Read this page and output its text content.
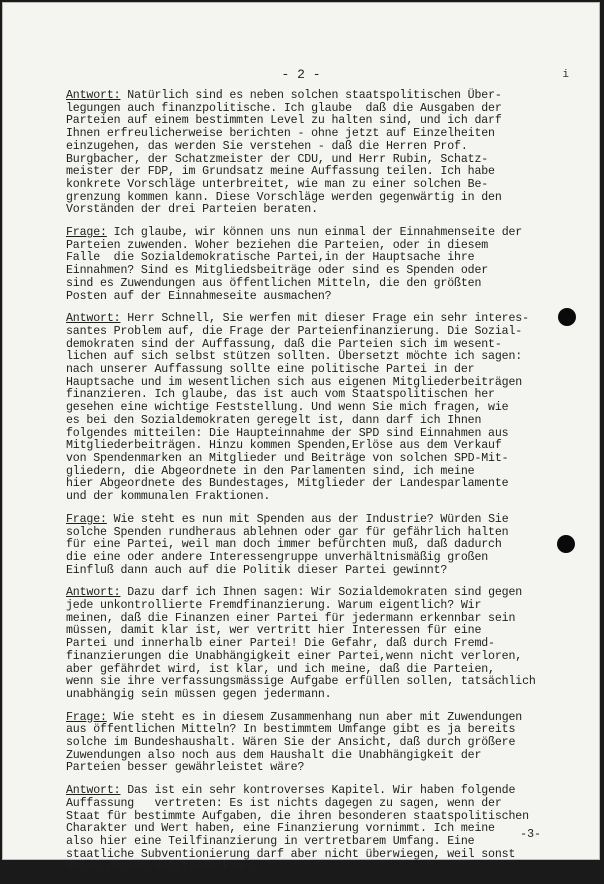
- 2 -	i
Antwort: Natürlich sind es neben solchen staatspolitischen Über-
legungen auch finanzpolitische. Ich glaube  daß die Ausgaben der
Parteien auf einem bestimmten Level zu halten sind, und ich darf
Ihnen erfreulicherweise berichten - ohne jetzt auf Einzelheiten
einzugehen, das werden Sie verstehen - daß die Herren Prof.
Burgbacher, der Schatzmeister der CDU, und Herr Rubin, Schatz-
meister der FDP, im Grundsatz meine Auffassung teilen. Ich habe
konkrete Vorschläge unterbreitet, wie man zu einer solchen Be-
grenzung kommen kann. Diese Vorschläge werden gegenwärtig in den
Vorständen der drei Parteien beraten.
Frage: Ich glaube, wir können uns nun einmal der Einnahmenseite der
Parteien zuwenden. Woher beziehen die Parteien, oder in diesem
Falle  die Sozialdemokratische Partei,in der Hauptsache ihre
Einnahmen? Sind es Mitgliedsbeiträge oder sind es Spenden oder
sind es Zuwendungen aus öffentlichen Mitteln, die den größten
Posten auf der Einnahmeseite ausmachen?
Antwort: Herr Schnell, Sie werfen mit dieser Frage ein sehr interes-
santes Problem auf, die Frage der Parteienfinanzierung. Die Sozial-
demokraten sind der Auffassung, daß die Parteien sich im wesent-
lichen auf sich selbst stützen sollten. Übersetzt möchte ich sagen:
nach unserer Auffassung sollte eine politische Partei in der
Hauptsache und im wesentlichen sich aus eigenen Mitgliederbeiträgen
finanzieren. Ich glaube, das ist auch vom Staatspolitischen her
gesehen eine wichtige Feststellung. Und wenn Sie mich fragen, wie
es bei den Sozialdemokraten geregelt ist, dann darf ich Ihnen
folgendes mitteilen: Die Haupteinnahme der SPD sind Einnahmen aus
Mitgliederbeiträgen. Hinzu kommen Spenden,Erlöse aus dem Verkauf
von Spendenmarken an Mitglieder und Beiträge von solchen SPD-Mit-
gliedern, die Abgeordnete in den Parlamenten sind, ich meine
hier Abgeordnete des Bundestages, Mitglieder der Landesparlamente
und der kommunalen Fraktionen.
Frage: Wie steht es nun mit Spenden aus der Industrie? Würden Sie
solche Spenden rundheraus ablehnen oder gar für gefährlich halten
für eine Partei, weil man doch immer befürchten muß, daß dadurch
die eine oder andere Interessengruppe unverhältnismäßig großen
Einfluß dann auch auf die Politik dieser Partei gewinnt?
Antwort: Dazu darf ich Ihnen sagen: Wir Sozialdemokraten sind gegen
jede unkontrollierte Fremdfinanzierung. Warum eigentlich? Wir
meinen, daß die Finanzen einer Partei für jedermann erkennbar sein
müssen, damit klar ist, wer vertritt hier Interessen für eine
Partei und innerhalb einer Partei! Die Gefahr, daß durch Fremd-
finanzierungen die Unabhängigkeit einer Partei,wenn nicht verloren,
aber gefährdet wird, ist klar, und ich meine, daß die Parteien,
wenn sie ihre verfassungsmässige Aufgabe erfüllen sollen, tatsächlich
unabhängig sein müssen gegen jedermann.
Frage: Wie steht es in diesem Zusammenhang nun aber mit Zuwendungen
aus öffentlichen Mitteln? In bestimmtem Umfange gibt es ja bereits
solche im Bundeshaushalt. Wären Sie der Ansicht, daß durch größere
Zuwendungen also noch aus dem Haushalt die Unabhängigkeit der
Parteien besser gewährleistet wäre?
Antwort: Das ist ein sehr kontroverses Kapitel. Wir haben folgende
Auffassung   vertreten: Es ist nichts dagegen zu sagen, wenn der
Staat für bestimmte Aufgaben, die ihren besonderen staatspolitischen
Charakter und Wert haben, eine Finanzierung vornimmt. Ich meine
also hier eine Teilfinanzierung in vertretbarem Umfang. Eine
staatliche Subventionierung darf aber nicht überwiegen, weil sonst
übles daraus entstehen kann.
-3-
